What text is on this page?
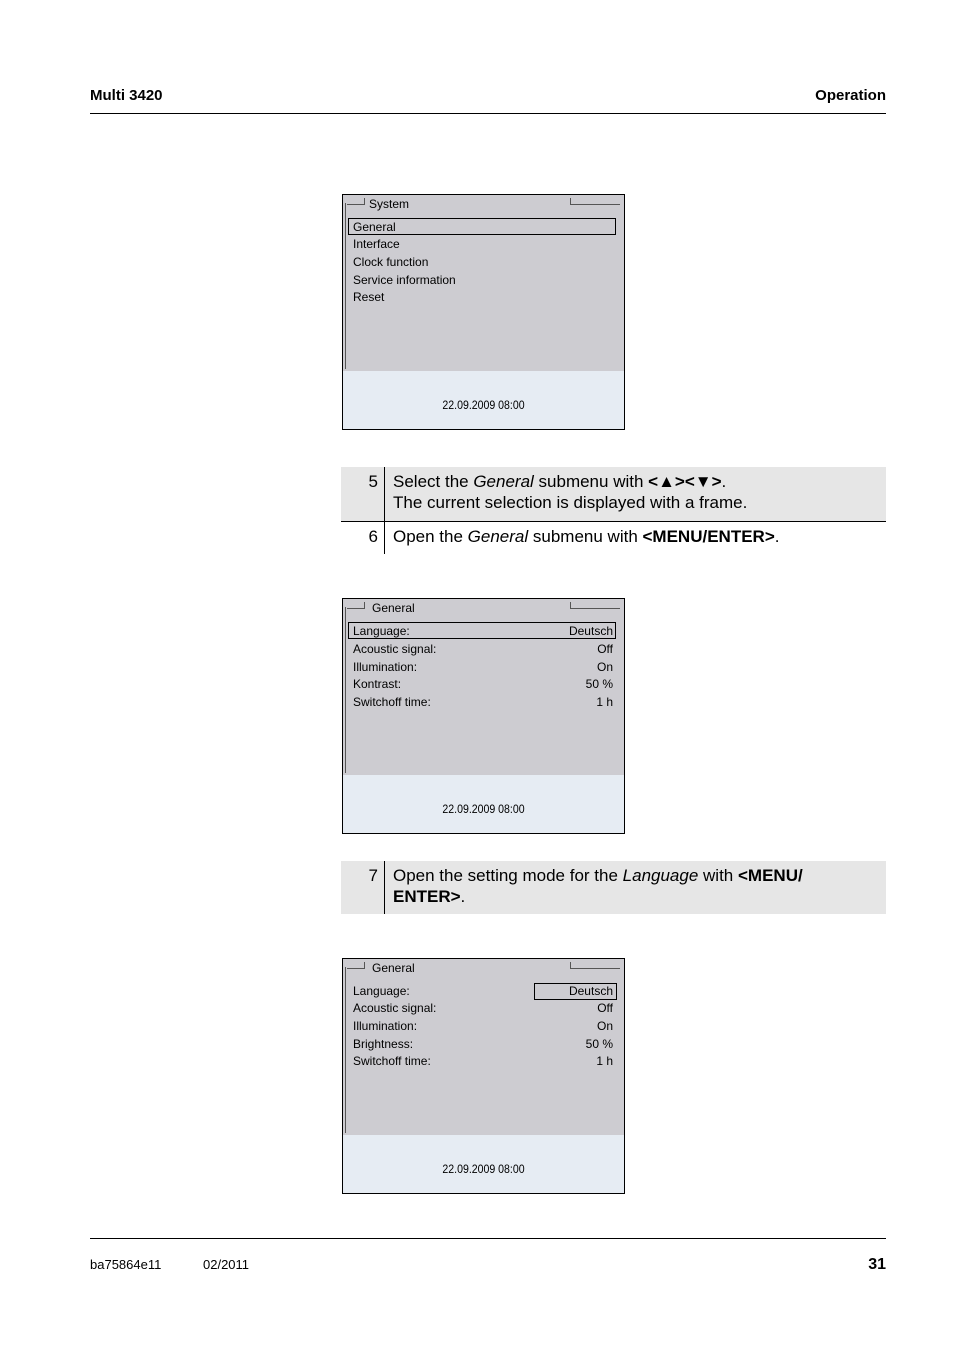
Multi 3420	Operation
System
General
Interface
Clock function
Service information
Reset
22.09.2009 08:00
5 Select the General submenu with <▲><▼>.
The current selection is displayed with a frame.
6 Open the General submenu with <MENU/ENTER>.
General
Language:	Deutsch
Acoustic signal:	Off
Illumination:	On
Kontrast:	50 %
Switchoff time:	1 h
22.09.2009 08:00
7 Open the setting mode for the Language with <MENU/
ENTER>.
General
Language:	Deutsch
Acoustic signal:	Off
Illumination:	On
Brightness:	50 %
Switchoff time:	1 h
22.09.2009 08:00
ba75864e11	02/2011	31
